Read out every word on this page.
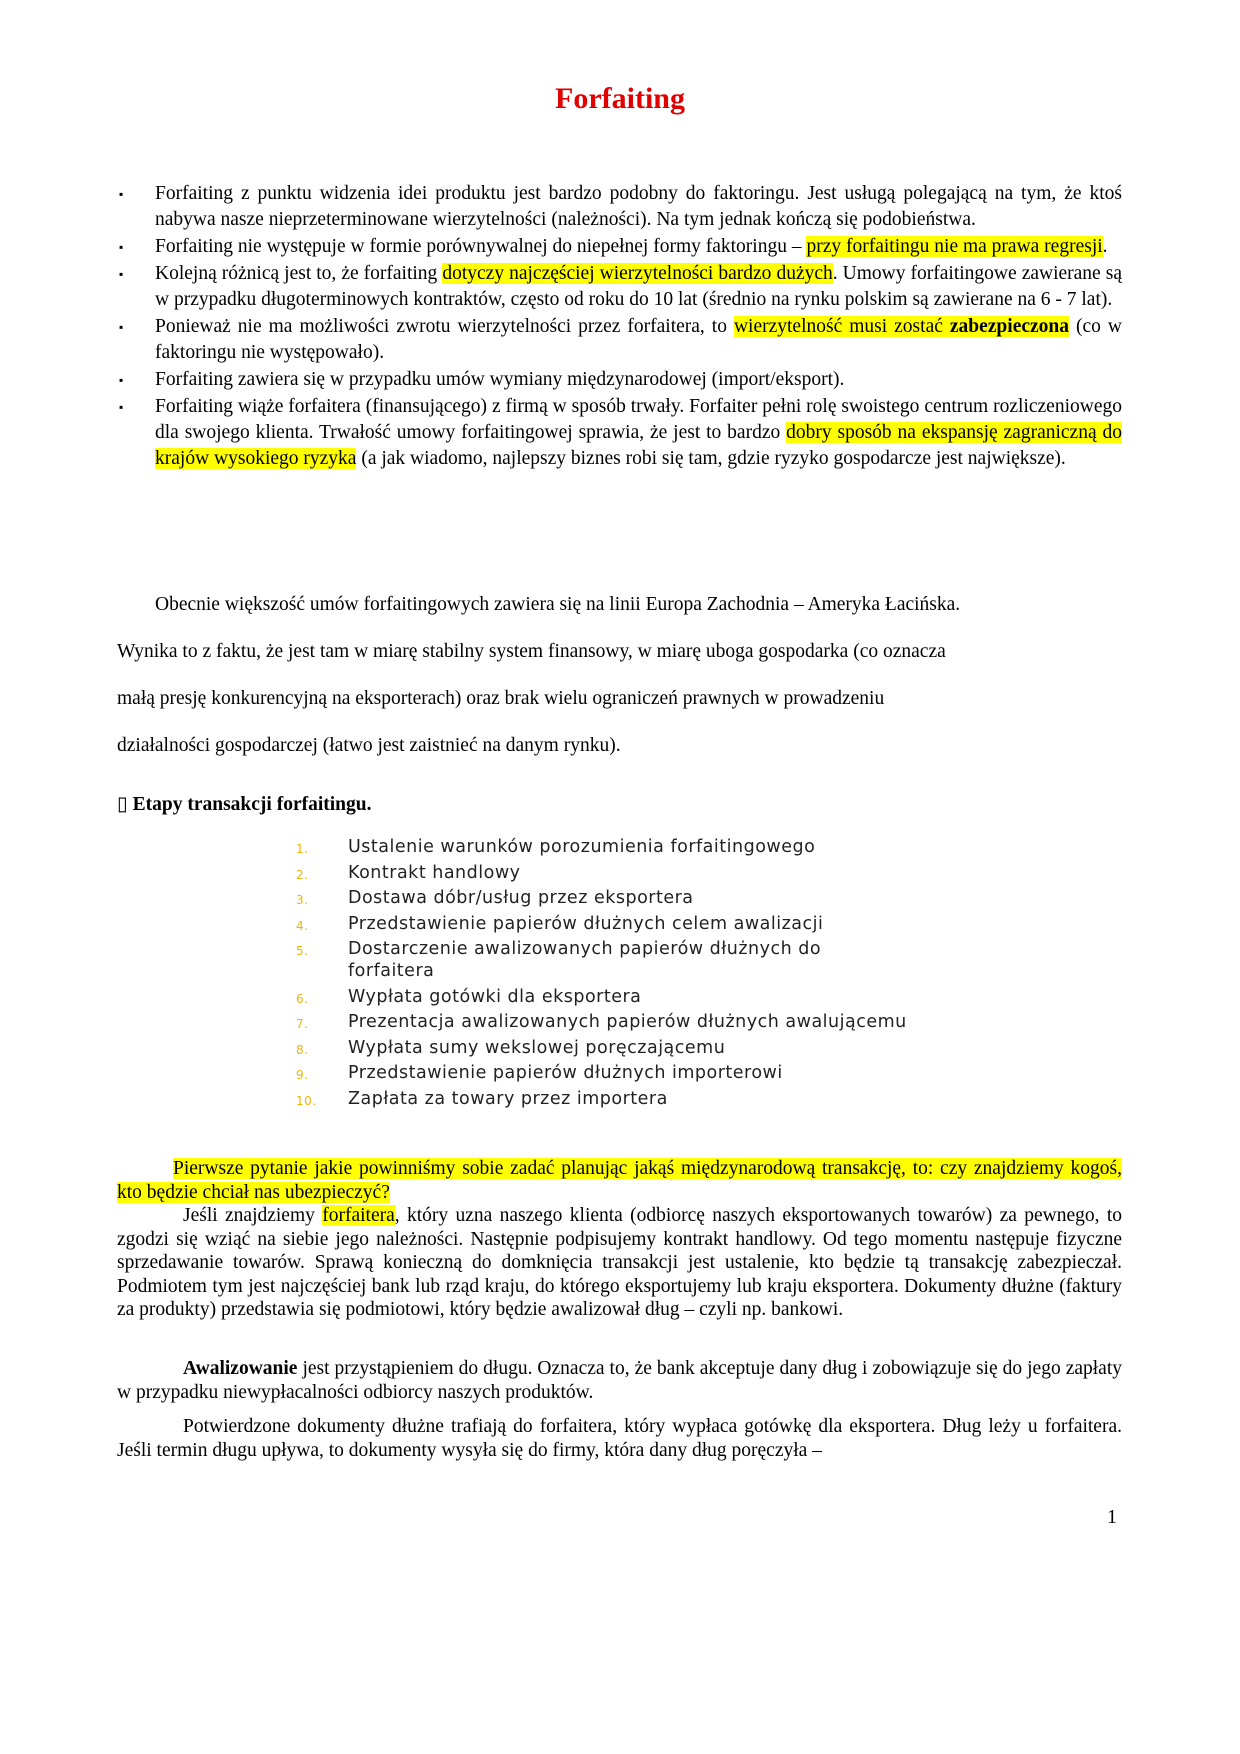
Forfaiting
▪ Forfaiting z punktu widzenia idei produktu jest bardzo podobny do faktoringu. Jest usługą polegającą na tym, że ktoś nabywa nasze nieprzeterminowane wierzytelności (należności). Na tym jednak kończą się podobieństwa.
▪ Forfaiting nie występuje w formie porównywalnej do niepełnej formy faktoringu – przy forfaitingu nie ma prawa regresji.
▪ Kolejną różnicą jest to, że forfaiting dotyczy najczęściej wierzytelności bardzo dużych. Umowy forfaitingowe zawierane są w przypadku długoterminowych kontraktów, często od roku do 10 lat (średnio na rynku polskim są zawierane na 6 - 7 lat).
▪ Ponieważ nie ma możliwości zwrotu wierzytelności przez forfaitera, to wierzytelność musi zostać zabezpieczona (co w faktoringu nie występowało).
▪ Forfaiting zawiera się w przypadku umów wymiany międzynarodowej (import/eksport).
▪ Forfaiting wiąże forfaitera (finansującego) z firmą w sposób trwały. Forfaiter pełni rolę swoistego centrum rozliczeniowego dla swojego klienta. Trwałość umowy forfaitingowej sprawia, że jest to bardzo dobry sposób na ekspansję zagraniczną do krajów wysokiego ryzyka (a jak wiadomo, najlepszy biznes robi się tam, gdzie ryzyko gospodarcze jest największe).
Obecnie większość umów forfaitingowych zawiera się na linii Europa Zachodnia – Ameryka Łacińska.
Wynika to z faktu, że jest tam w miarę stabilny system finansowy, w miarę uboga gospodarka (co oznacza
małą presję konkurencyjną na eksporterach) oraz brak wielu ograniczeń prawnych w prowadzeniu
działalności gospodarczej (łatwo jest zaistnieć na danym rynku).
▯ Etapy transakcji forfaitingu.
1. Ustalenie warunków porozumienia forfaitingowego
2. Kontrakt handlowy
3. Dostawa dóbr/usług przez eksportera
4. Przedstawienie papierów dłużnych celem awalizacji
5. Dostarczenie awalizowanych papierów dłużnych do forfaitera
6. Wypłata gotówki dla eksportera
7. Prezentacja awalizowanych papierów dłużnych awalującemu
8. Wypłata sumy wekslowej poręczającemu
9. Przedstawienie papierów dłużnych importerowi
10. Zapłata za towary przez importera
Pierwsze pytanie jakie powinniśmy sobie zadać planując jakąś międzynarodową transakcję, to: czy znajdziemy kogoś, kto będzie chciał nas ubezpieczyć?
Jeśli znajdziemy forfaitera, który uzna naszego klienta (odbiorcę naszych eksportowanych towarów) za pewnego, to zgodzi się wziąć na siebie jego należności. Następnie podpisujemy kontrakt handlowy. Od tego momentu następuje fizyczne sprzedawanie towarów. Sprawą konieczną do domknięcia transakcji jest ustalenie, kto będzie tą transakcję zabezpieczał. Podmiotem tym jest najczęściej bank lub rząd kraju, do którego eksportujemy lub kraju eksportera. Dokumenty dłużne (faktury za produkty) przedstawia się podmiotowi, który będzie awalizował dług – czyli np. bankowi.
Awalizowanie jest przystąpieniem do długu. Oznacza to, że bank akceptuje dany dług i zobowiązuje się do jego zapłaty w przypadku niewypłacalności odbiorcy naszych produktów.
Potwierdzone dokumenty dłużne trafiają do forfaitera, który wypłaca gotówkę dla eksportera. Dług leży u forfaitera. Jeśli termin długu upływa, to dokumenty wysyła się do firmy, która dany dług poręczyła –
1
